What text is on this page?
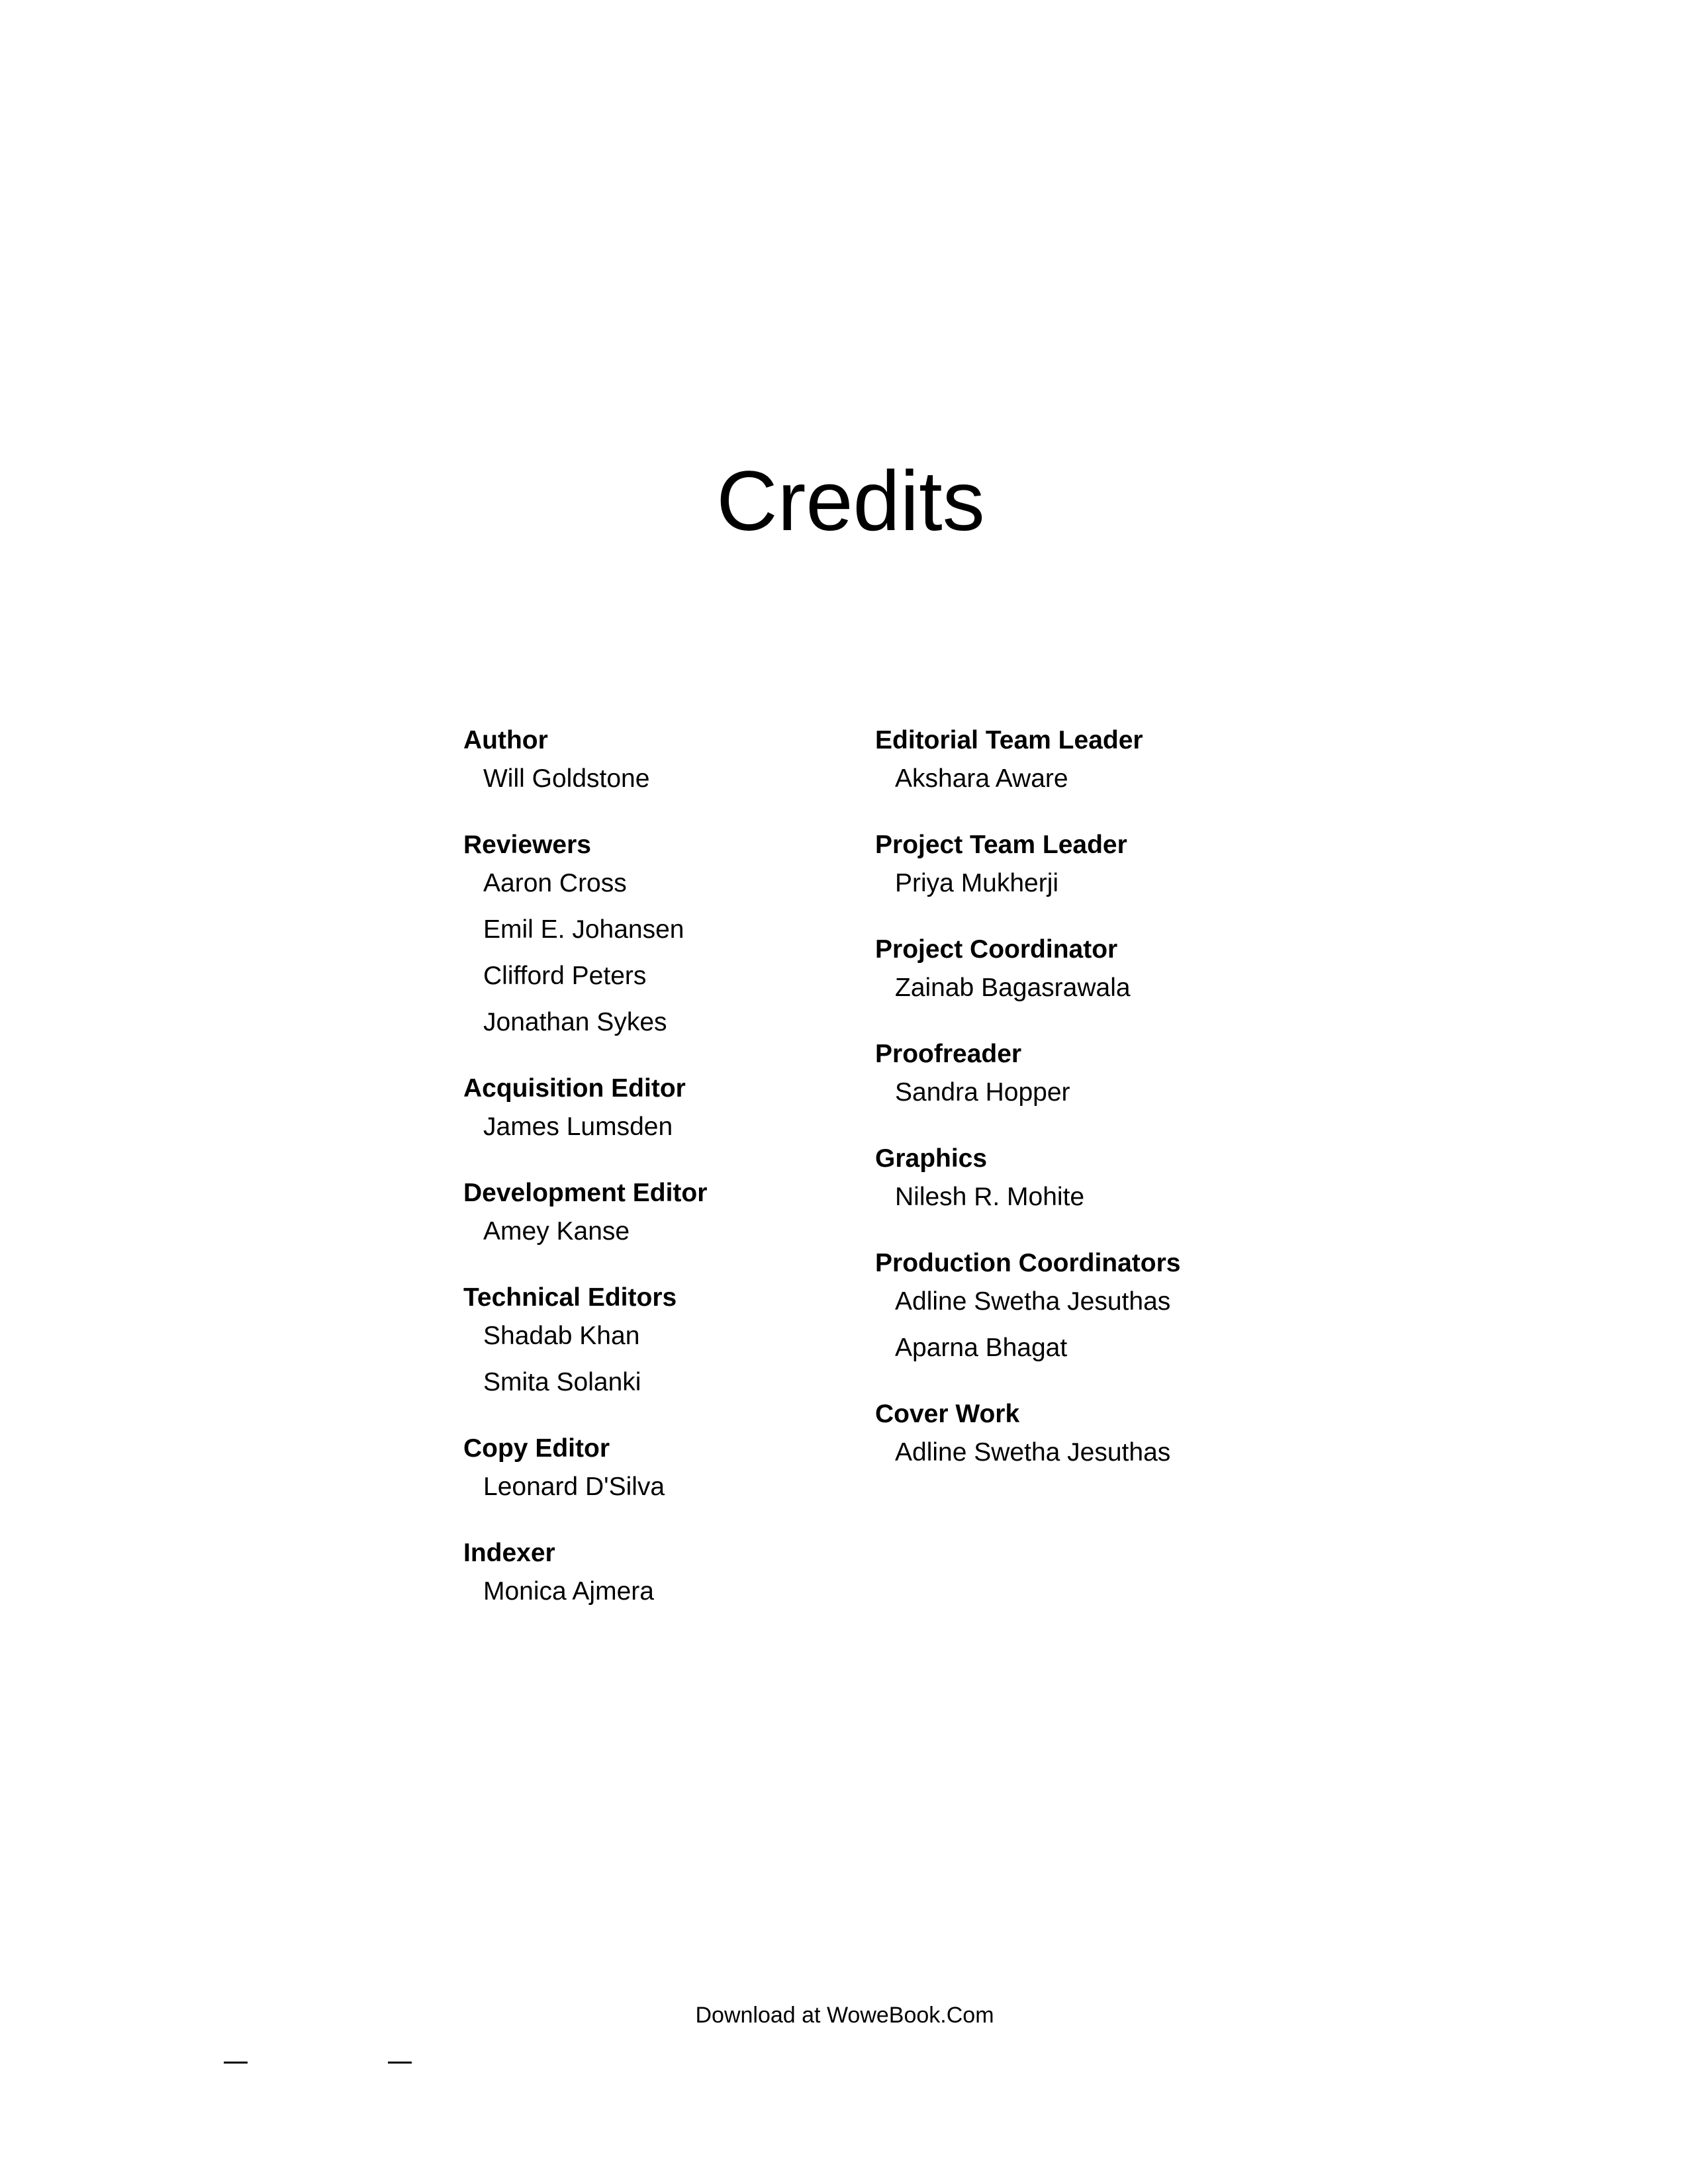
Credits
Author
Will Goldstone
Reviewers
Aaron Cross
Emil E. Johansen
Clifford Peters
Jonathan Sykes
Acquisition Editor
James Lumsden
Development Editor
Amey Kanse
Technical Editors
Shadab Khan
Smita Solanki
Copy Editor
Leonard D'Silva
Indexer
Monica Ajmera
Editorial Team Leader
Akshara Aware
Project Team Leader
Priya Mukherji
Project Coordinator
Zainab Bagasrawala
Proofreader
Sandra Hopper
Graphics
Nilesh R. Mohite
Production Coordinators
Adline Swetha Jesuthas
Aparna Bhagat
Cover Work
Adline Swetha Jesuthas
Download at WoweBook.Com
